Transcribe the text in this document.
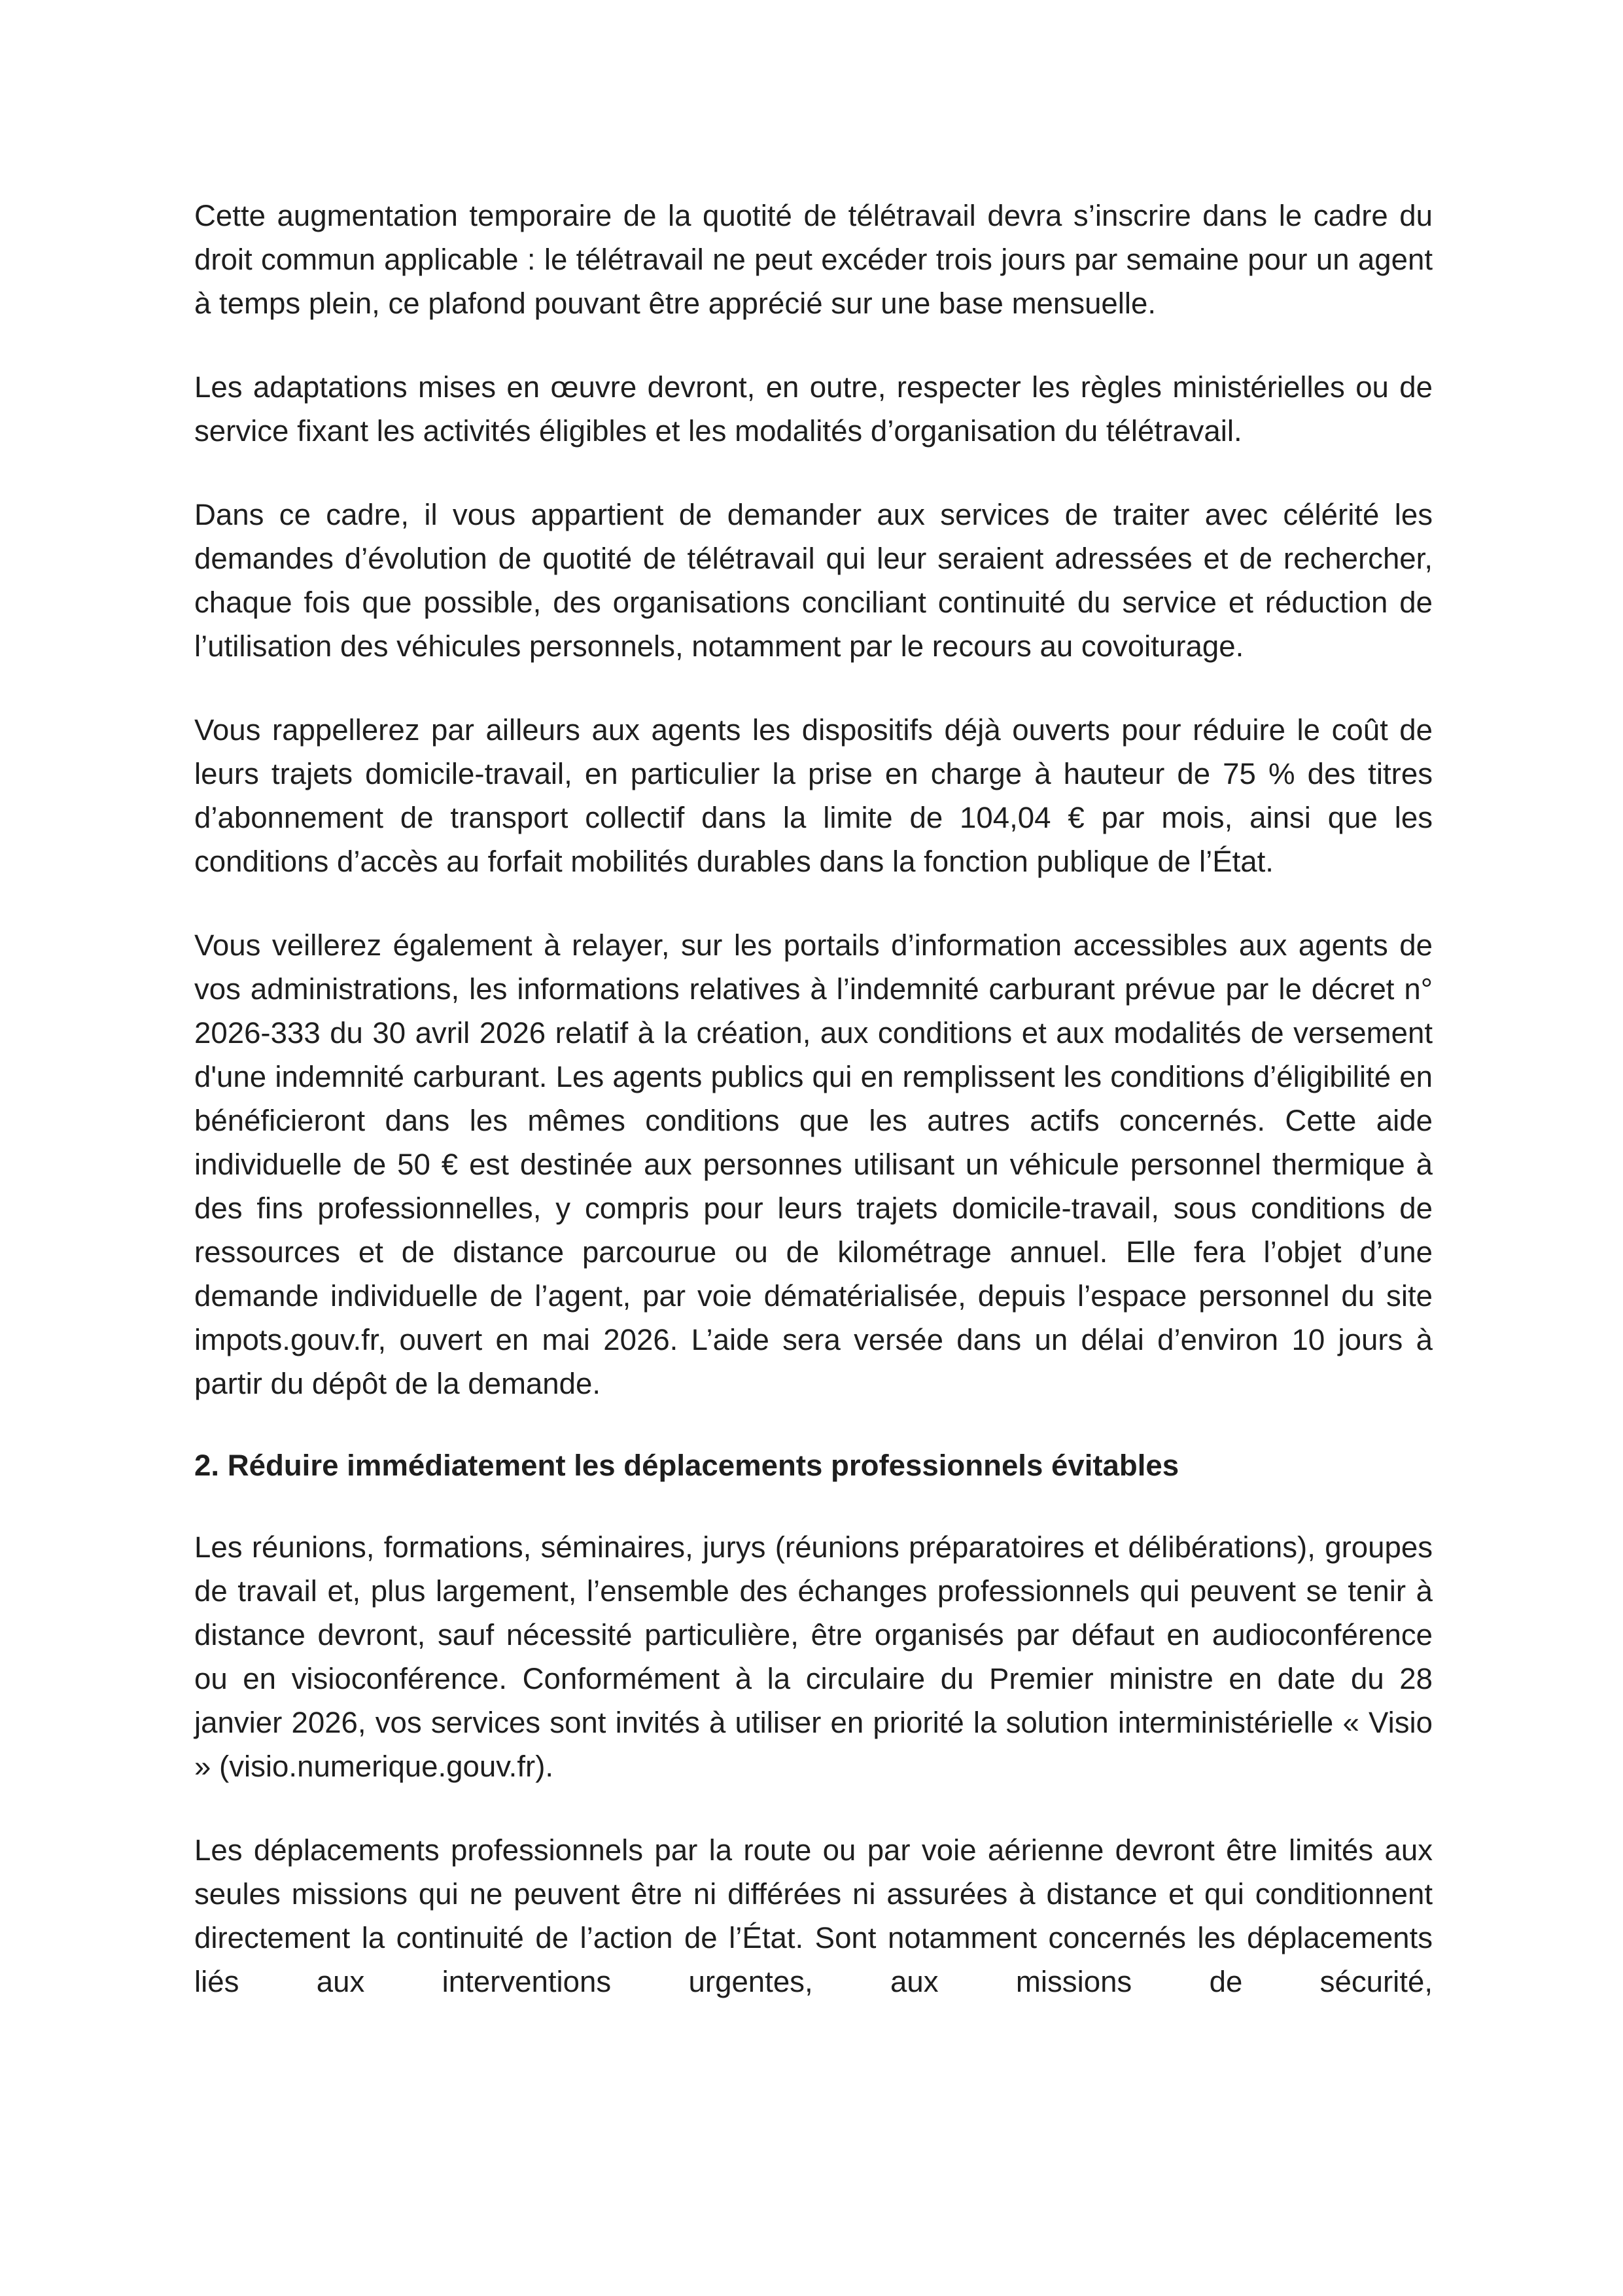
Cette augmentation temporaire de la quotité de télétravail devra s’inscrire dans le cadre du droit commun applicable : le télétravail ne peut excéder trois jours par semaine pour un agent à temps plein, ce plafond pouvant être apprécié sur une base mensuelle.

Les adaptations mises en œuvre devront, en outre, respecter les règles ministérielles ou de service fixant les activités éligibles et les modalités d’organisation du télétravail.

Dans ce cadre, il vous appartient de demander aux services de traiter avec célérité les demandes d’évolution de quotité de télétravail qui leur seraient adressées et de rechercher, chaque fois que possible, des organisations conciliant continuité du service et réduction de l’utilisation des véhicules personnels, notamment par le recours au covoiturage.

Vous rappellerez par ailleurs aux agents les dispositifs déjà ouverts pour réduire le coût de leurs trajets domicile-travail, en particulier la prise en charge à hauteur de 75 % des titres d’abonnement de transport collectif dans la limite de 104,04 € par mois, ainsi que les conditions d’accès au forfait mobilités durables dans la fonction publique de l’État.

Vous veillerez également à relayer, sur les portails d’information accessibles aux agents de vos administrations, les informations relatives à l’indemnité carburant prévue par le décret n° 2026-333 du 30 avril 2026 relatif à la création, aux conditions et aux modalités de versement d'une indemnité carburant. Les agents publics qui en remplissent les conditions d’éligibilité en bénéficieront dans les mêmes conditions que les autres actifs concernés. Cette aide individuelle de 50 € est destinée aux personnes utilisant un véhicule personnel thermique à des fins professionnelles, y compris pour leurs trajets domicile-travail, sous conditions de ressources et de distance parcourue ou de kilométrage annuel. Elle fera l’objet d’une demande individuelle de l’agent, par voie dématérialisée, depuis l’espace personnel du site impots.gouv.fr, ouvert en mai 2026. L’aide sera versée dans un délai d’environ 10 jours à partir du dépôt de la demande.

2. Réduire immédiatement les déplacements professionnels évitables

Les réunions, formations, séminaires, jurys (réunions préparatoires et délibérations), groupes de travail et, plus largement, l’ensemble des échanges professionnels qui peuvent se tenir à distance devront, sauf nécessité particulière, être organisés par défaut en audioconférence ou en visioconférence. Conformément à la circulaire du Premier ministre en date du 28 janvier 2026, vos services sont invités à utiliser en priorité la solution interministérielle « Visio » (visio.numerique.gouv.fr).

Les déplacements professionnels par la route ou par voie aérienne devront être limités aux seules missions qui ne peuvent être ni différées ni assurées à distance et qui conditionnent directement la continuité de l’action de l’État. Sont notamment concernés les déplacements liés aux interventions urgentes, aux missions de sécurité,
